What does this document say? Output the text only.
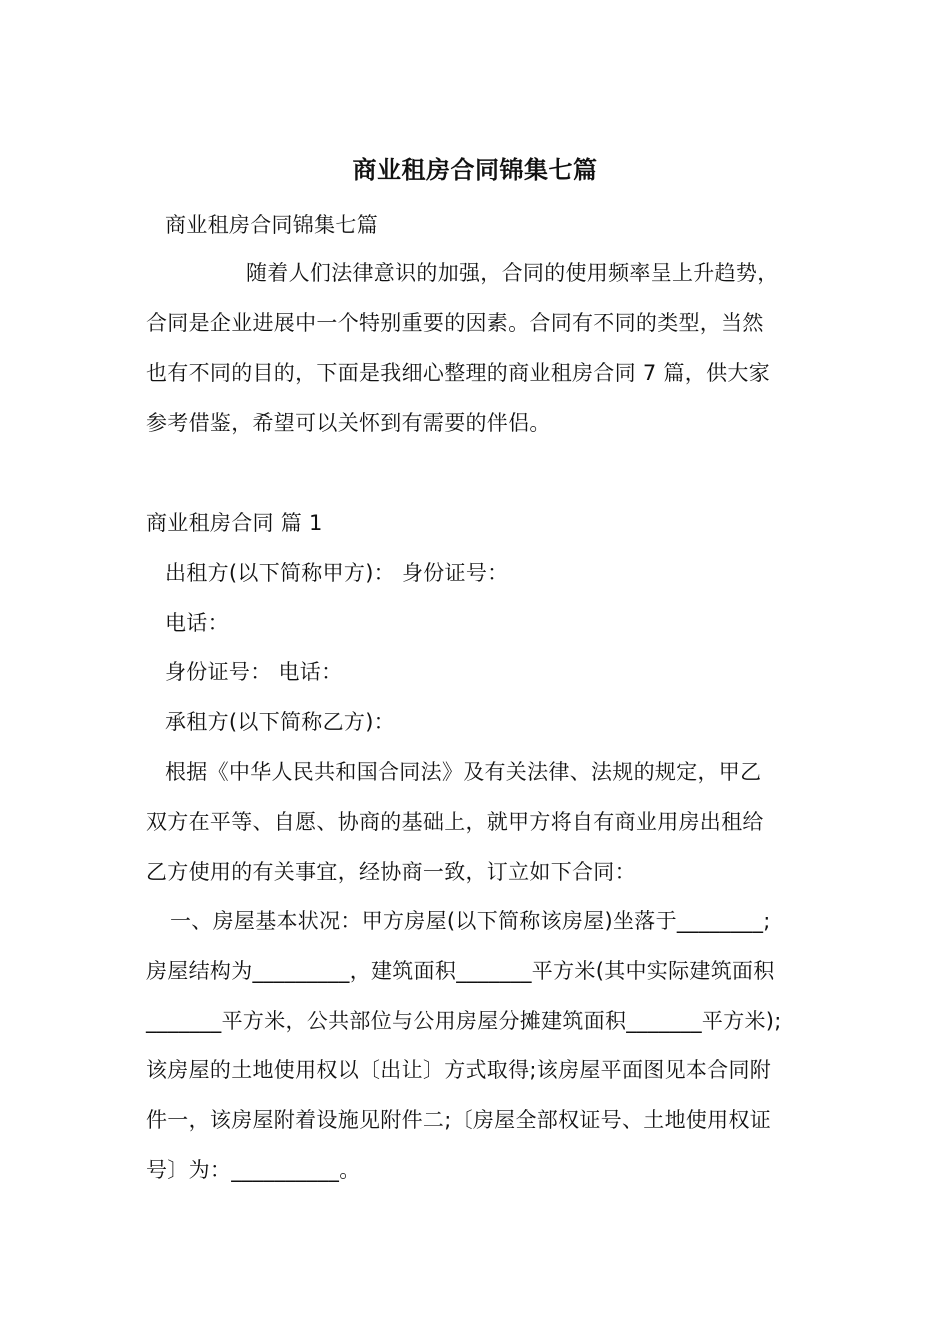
商业租房合同锦集七篇
商业租房合同锦集七篇
随着人们法律意识的加强，合同的使用频率呈上升趋势，
合同是企业进展中一个特别重要的因素。合同有不同的类型，当然
也有不同的目的，下面是我细心整理的商业租房合同 7 篇，供大家
参考借鉴，希望可以关怀到有需要的伴侣。
商业租房合同 篇 1
出租方(以下简称甲方)： 身份证号：
电话：
身份证号： 电话：
承租方(以下简称乙方)：
根据《中华人民共和国合同法》及有关法律、法规的规定，甲乙
双方在平等、自愿、协商的基础上，就甲方将自有商业用房出租给
乙方使用的有关事宜，经协商一致，订立如下合同：
一、房屋基本状况：甲方房屋(以下简称该房屋)坐落于________;
房屋结构为_________，建筑面积_______平方米(其中实际建筑面积
_______平方米，公共部位与公用房屋分摊建筑面积_______平方米);
该房屋的土地使用权以〔出让〕方式取得;该房屋平面图见本合同附
件一，该房屋附着设施见附件二;〔房屋全部权证号、土地使用权证
号〕为：__________。
